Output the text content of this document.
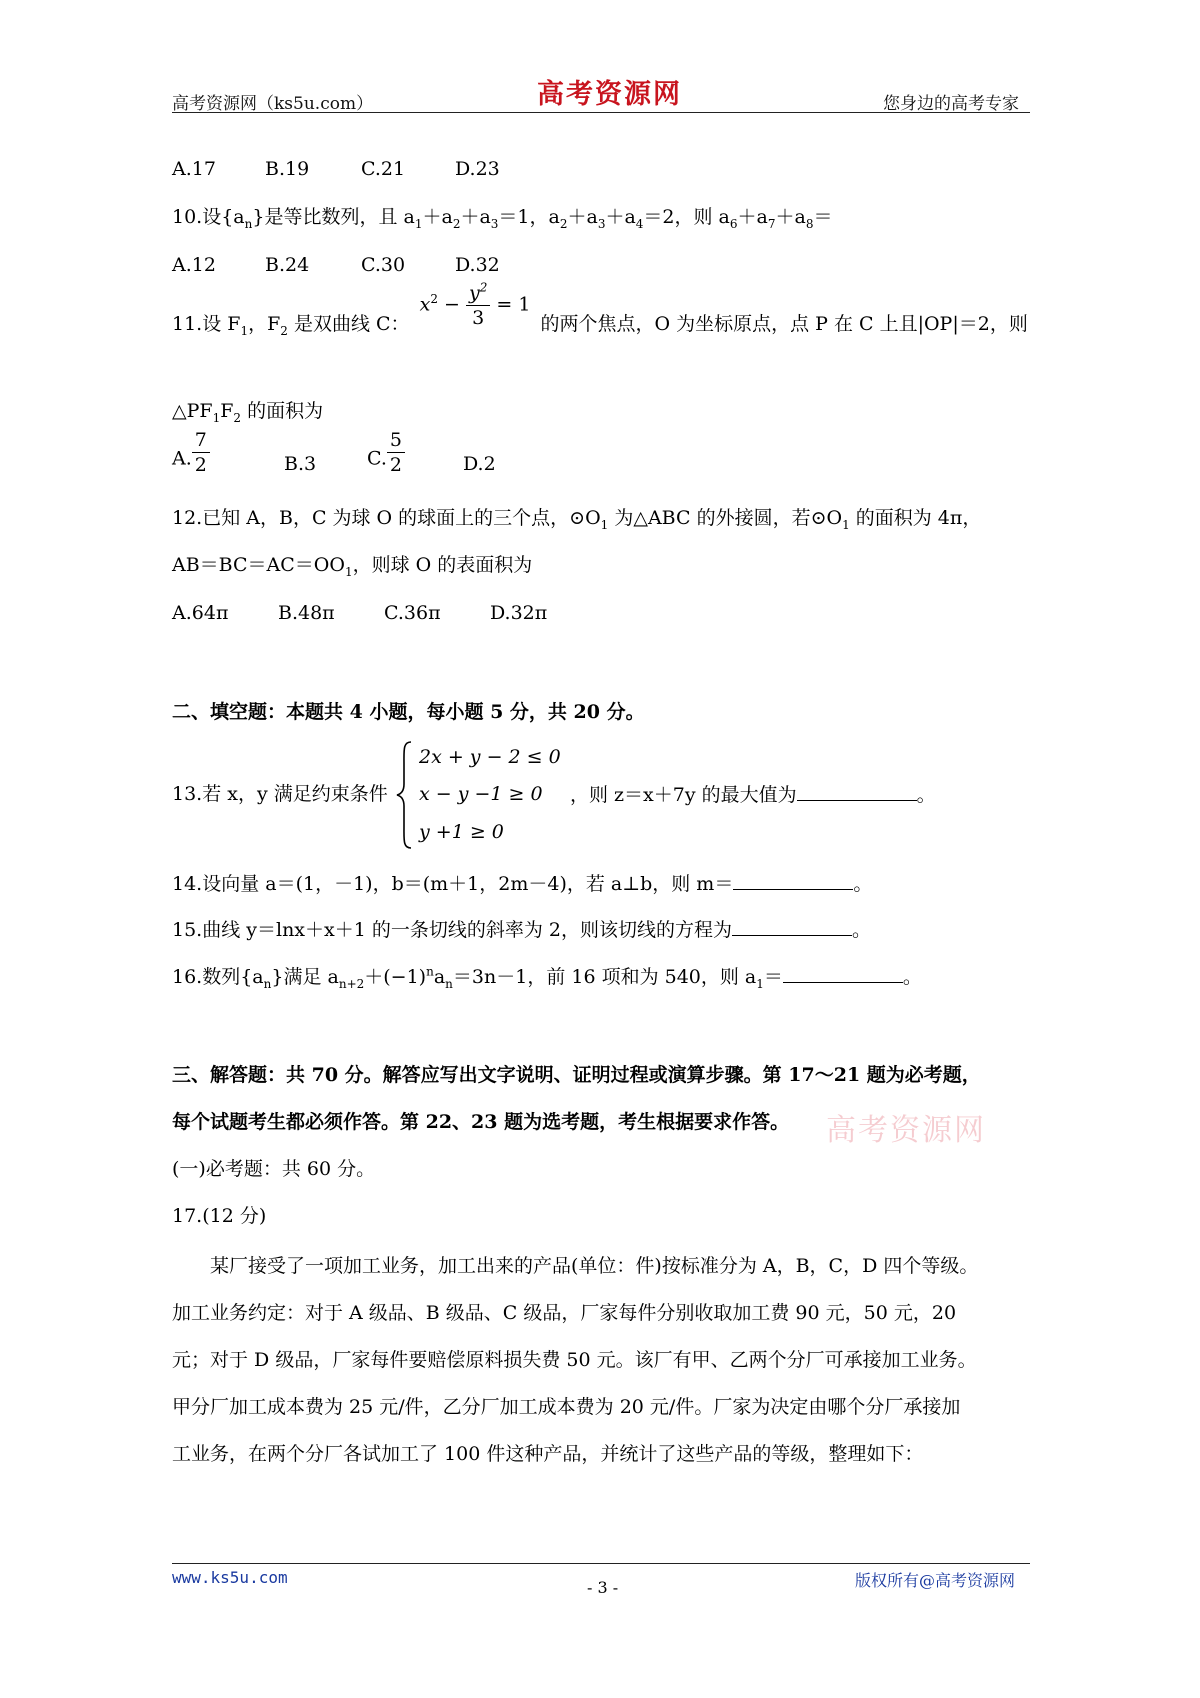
高考资源网（ks5u.com）	高考资源网	您身边的高考专家
A.17	B.19	C.21	D.23
10.设$\{a_n\}$是等比数列，且 $a_1+a_2+a_3=1$，$a_2+a_3+a_4=2$，则 $a_6+a_7+a_8=$
A.12	B.24	C.30	D.32
11.设 $F_1$，$F_2$ 是双曲线 C： $x^2 - \frac{y^2}{3} = 1$ 的两个焦点，O 为坐标原点，点 P 在 C 上且|OP|＝2，则
$\triangle PF_1F_2$ 的面积为
A. $\frac{7}{2}$	B.3	C. $\frac{5}{2}$	D.2
12.已知 A，B，C 为球 O 的球面上的三个点，$⊙O_1$ 为△ABC 的外接圆，若$⊙O_1$ 的面积为 4π，
$AB=BC=AC=OO_1$，则球 O 的表面积为
A.64π	B.48π	C.36π	D.32π
二、填空题：本题共 4 小题，每小题 5 分，共 20 分。
13.若 x，y 满足约束条件
2x + y − 2 ≤ 0
x − y −1 ≥ 0
y +1 ≥ 0
，则 z＝x＋7y 的最大值为	。
14.设向量 a＝(1，－1)，b＝(m＋1，2m－4)，若 a⊥b，则 m＝	。
15.曲线 y＝lnx＋x＋1 的一条切线的斜率为 2，则该切线的方程为	。
16.数列$\{a_n\}$满足 $a_{n+2}+(-1)^na_n=3n-1$，前 16 项和为 540，则 $a_1=$	。
三、解答题：共 70 分。解答应写出文字说明、证明过程或演算步骤。第 17～21 题为必考题，
每个试题考生都必须作答。第 22、23 题为选考题，考生根据要求作答。 高考资源网
(一)必考题：共 60 分。
17.(12 分)
某厂接受了一项加工业务，加工出来的产品(单位：件)按标准分为 A，B，C，D 四个等级。
加工业务约定：对于 A 级品、B 级品、C 级品，厂家每件分别收取加工费 90 元，50 元，20
元；对于 D 级品，厂家每件要赔偿原料损失费 50 元。该厂有甲、乙两个分厂可承接加工业务。
甲分厂加工成本费为 25 元/件，乙分厂加工成本费为 20 元/件。厂家为决定由哪个分厂承接加
工业务，在两个分厂各试加工了 100 件这种产品，并统计了这些产品的等级，整理如下：
www.ks5u.com
- 3 -	版权所有@高考资源网
